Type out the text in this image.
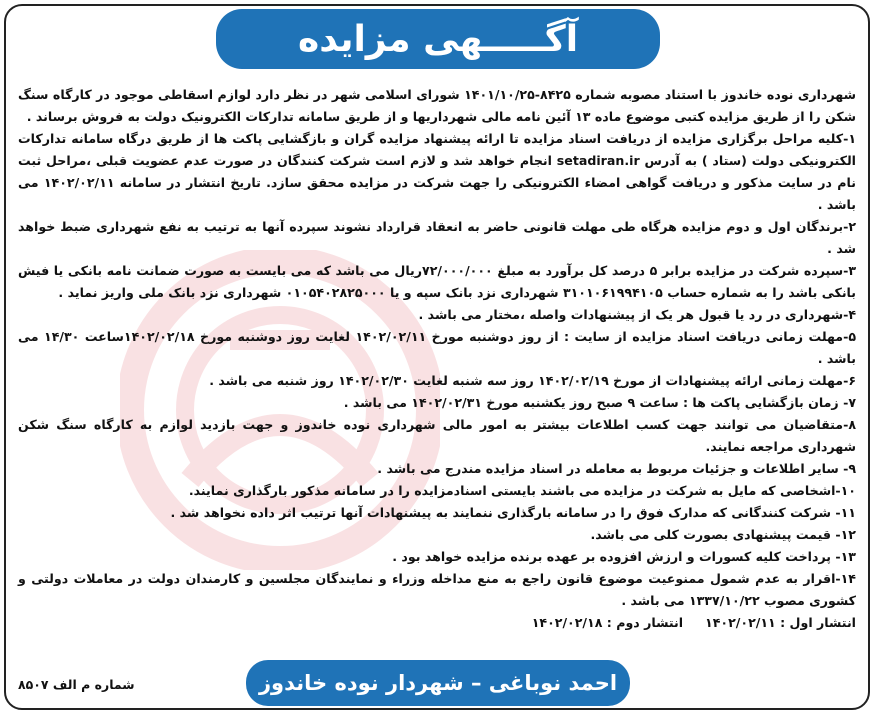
آگـــــهی مزایده

شهرداری نوده خاندوز با استناد مصوبه شماره ۸۴۲۵-۱۴۰۱/۱۰/۲۵ شورای اسلامی شهر در نظر دارد لوازم اسقاطی موجود در کارگاه سنگ شکن را از طریق مزایده کتبی موضوع ماده ۱۳ آئین نامه مالی شهرداریها و از طریق سامانه تدارکات الکترونیک دولت به فروش برساند .

۱-کلیه مراحل برگزاری مزایده از دریافت اسناد مزایده تا ارائه پیشنهاد مزایده گران و بازگشایی پاکت ها از طریق درگاه سامانه تدارکات الکترونیکی دولت (ستاد ) به آدرس setadiran.ir انجام خواهد شد و لازم است شرکت کنندگان در صورت عدم عضویت قبلی ،مراحل ثبت نام در سایت مذکور و دریافت گواهی امضاء الکترونیکی را جهت شرکت در مزایده محقق سازد. تاریخ انتشار در سامانه ۱۴۰۲/۰۲/۱۱ می باشد .

۲-برندگان اول و دوم مزایده هرگاه طی مهلت قانونی حاضر به انعقاد قرارداد نشوند سپرده آنها به ترتیب به نفع شهرداری ضبط خواهد شد .

۳-سپرده شرکت در مزایده برابر ۵ درصد کل برآورد به مبلغ ۷۲/۰۰۰/۰۰۰ریال می باشد که می بایست به صورت ضمانت نامه بانکی یا فیش بانکی باشد را به شماره حساب ۳۱۰۱۰۶۱۹۹۴۱۰۵ شهرداری نزد بانک سپه و یا ۰۱۰۵۴۰۲۸۲۵۰۰۰ شهرداری نزد بانک ملی واریز نماید .

۴-شهرداری در رد یا قبول هر یک از پیشنهادات واصله ،مختار می باشد .

۵-مهلت زمانی دریافت اسناد مزایده از سایت : از روز دوشنبه مورخ ۱۴۰۲/۰۲/۱۱ لغایت روز دوشنبه مورخ ۱۴۰۲/۰۲/۱۸ساعت ۱۴/۳۰ می باشد .

۶-مهلت زمانی ارائه پیشنهادات از مورخ ۱۴۰۲/۰۲/۱۹ روز سه شنبه لغایت ۱۴۰۲/۰۲/۳۰ روز شنبه می باشد .

۷- زمان بازگشایی پاکت ها : ساعت ۹ صبح روز یکشنبه مورخ ۱۴۰۲/۰۲/۳۱ می باشد .

۸-متقاضیان می توانند جهت کسب اطلاعات بیشتر به امور مالی شهرداری نوده خاندوز و جهت بازدید لوازم به کارگاه سنگ شکن شهرداری مراجعه نمایند.

۹- سایر اطلاعات و جزئیات مربوط به معامله در اسناد مزایده مندرج می باشد .

۱۰-اشخاصی که مایل به شرکت در مزایده می باشند بایستی اسنادمزایده را در سامانه مذکور بارگذاری نمایند.

۱۱- شرکت کنندگانی که مدارک فوق را در سامانه بارگذاری ننمایند به پیشنهادات آنها ترتیب اثر داده نخواهد شد .

۱۲- قیمت پیشنهادی بصورت کلی می باشد.

۱۳- پرداخت کلیه کسورات و ارزش افزوده بر عهده برنده مزایده خواهد بود .

۱۴-اقرار به عدم شمول ممنوعیت موضوع قانون راجع به منع مداخله وزراء و نمایندگان مجلسین و کارمندان دولت در معاملات دولتی و کشوری مصوب ۱۳۳۷/۱۰/۲۲ می باشد .

انتشار اول : ۱۴۰۲/۰۲/۱۱     انتشار دوم : ۱۴۰۲/۰۲/۱۸

احمد نوباغی – شهردار نوده خاندوز
شماره م الف ۸۵۰۷
